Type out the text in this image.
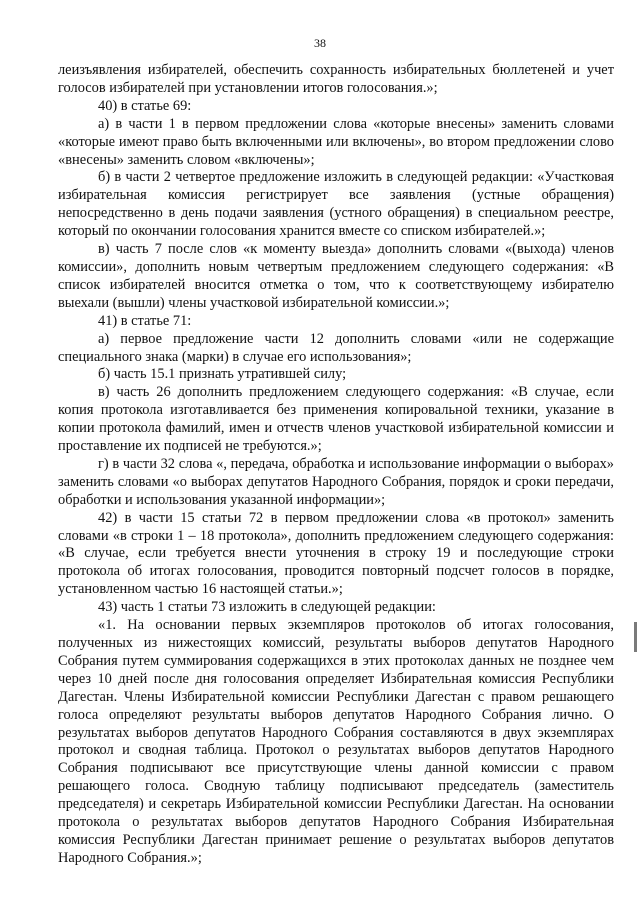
38

леизъявления избирателей, обеспечить сохранность избирательных бюллетеней и учет голосов избирателей при установлении итогов голосования.»;

40) в статье 69:

а) в части 1 в первом предложении слова «которые внесены» заменить словами «которые имеют право быть включенными или включены», во втором предложении слово «внесены» заменить словом «включены»;

б) в части 2 четвертое предложение изложить в следующей редакции: «Участковая избирательная комиссия регистрирует все заявления (устные обращения) непосредственно в день подачи заявления (устного обращения) в специальном реестре, который по окончании голосования хранится вместе со списком избирателей.»;

в) часть 7 после слов «к моменту выезда» дополнить словами «(выхода) членов комиссии», дополнить новым четвертым предложением следующего содержания: «В список избирателей вносится отметка о том, что к соответствующему избирателю выехали (вышли) члены участковой избирательной комиссии.»;

41) в статье 71:

а) первое предложение части 12 дополнить словами «или не содержащие специального знака (марки) в случае его использования»;

б) часть 15.1 признать утратившей силу;

в) часть 26 дополнить предложением следующего содержания: «В случае, если копия протокола изготавливается без применения копировальной техники, указание в копии протокола фамилий, имен и отчеств членов участковой избирательной комиссии и проставление их подписей не требуются.»;

г) в части 32 слова «, передача, обработка и использование информации о выборах» заменить словами «о выборах депутатов Народного Собрания, порядок и сроки передачи, обработки и использования указанной информации»;

42) в части 15 статьи 72 в первом предложении слова «в протокол» заменить словами «в строки 1 – 18 протокола», дополнить предложением следующего содержания: «В случае, если требуется внести уточнения в строку 19 и последующие строки протокола об итогах голосования, проводится повторный подсчет голосов в порядке, установленном частью 16 настоящей статьи.»;

43) часть 1 статьи 73 изложить в следующей редакции:

«1. На основании первых экземпляров протоколов об итогах голосования, полученных из нижестоящих комиссий, результаты выборов депутатов Народного Собрания путем суммирования содержащихся в этих протоколах данных не позднее чем через 10 дней после дня голосования определяет Избирательная комиссия Республики Дагестан. Члены Избирательной комиссии Республики Дагестан с правом решающего голоса определяют результаты выборов депутатов Народного Собрания лично. О результатах выборов депутатов Народного Собрания составляются в двух экземплярах протокол и сводная таблица. Протокол о результатах выборов депутатов Народного Собрания подписывают все присутствующие члены данной комиссии с правом решающего голоса. Сводную таблицу подписывают председатель (заместитель председателя) и секретарь Избирательной комиссии Республики Дагестан. На основании протокола о результатах выборов депутатов Народного Собрания Избирательная комиссия Республики Дагестан принимает решение о результатах выборов депутатов Народного Собрания.»;
